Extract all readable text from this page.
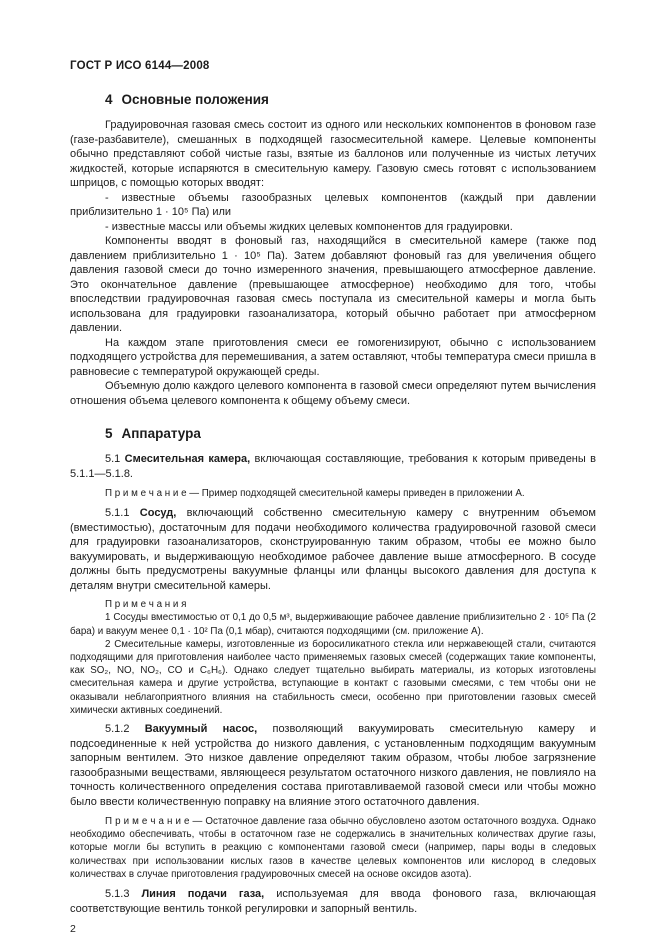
ГОСТ Р ИСО 6144—2008
4 Основные положения

Градуировочная газовая смесь состоит из одного или нескольких компонентов в фоновом газе (газе-разбавителе), смешанных в подходящей газосмесительной камере. Целевые компоненты обычно представляют собой чистые газы, взятые из баллонов или полученные из чистых летучих жидкостей, которые испаряются в смесительную камеру. Газовую смесь готовят с использованием шприцов, с помощью которых вводят:

- известные объемы газообразных целевых компонентов (каждый при давлении приблизительно 1 · 10⁵ Па) или

- известные массы или объемы жидких целевых компонентов для градуировки.

Компоненты вводят в фоновый газ, находящийся в смесительной камере (также под давлением приблизительно 1 · 10⁵ Па). Затем добавляют фоновый газ для увеличения общего давления газовой смеси до точно измеренного значения, превышающего атмосферное давление. Это окончательное давление (превышающее атмосферное) необходимо для того, чтобы впоследствии градуировочная газовая смесь поступала из смесительной камеры и могла быть использована для градуировки газоанализатора, который обычно работает при атмосферном давлении.

На каждом этапе приготовления смеси ее гомогенизируют, обычно с использованием подходящего устройства для перемешивания, а затем оставляют, чтобы температура смеси пришла в равновесие с температурой окружающей среды.

Объемную долю каждого целевого компонента в газовой смеси определяют путем вычисления отношения объема целевого компонента к общему объему смеси.

5 Аппаратура

5.1 Смесительная камера, включающая составляющие, требования к которым приведены в 5.1.1—5.1.8.

П р и м е ч а н и е — Пример подходящей смесительной камеры приведен в приложении А.

5.1.1 Сосуд, включающий собственно смесительную камеру с внутренним объемом (вместимостью), достаточным для подачи необходимого количества градуировочной газовой смеси для градуировки газоанализаторов, сконструированную таким образом, чтобы ее можно было вакуумировать, и выдерживающую необходимое рабочее давление выше атмосферного. В сосуде должны быть предусмотрены вакуумные фланцы или фланцы высокого давления для доступа к деталям внутри смесительной камеры.

П р и м е ч а н и я

1 Сосуды вместимостью от 0,1 до 0,5 м³, выдерживающие рабочее давление приблизительно 2 · 10⁵ Па (2 бара) и вакуум менее 0,1 · 10² Па (0,1 мбар), считаются подходящими (см. приложение А).

2 Смесительные камеры, изготовленные из боросиликатного стекла или нержавеющей стали, считаются подходящими для приготовления наиболее часто применяемых газовых смесей (содержащих такие компоненты, как SO₂, NO, NO₂, CO и C₆H₆). Однако следует тщательно выбирать материалы, из которых изготовлены смесительная камера и другие устройства, вступающие в контакт с газовыми смесями, с тем чтобы они не оказывали неблагоприятного влияния на стабильность смеси, особенно при приготовлении газовых смесей химически активных соединений.

5.1.2 Вакуумный насос, позволяющий вакуумировать смесительную камеру и подсоединенные к ней устройства до низкого давления, с установленным подходящим вакуумным запорным вентилем. Это низкое давление определяют таким образом, чтобы любое загрязнение газообразными веществами, являющееся результатом остаточного низкого давления, не повлияло на точность количественного определения состава приготавливаемой газовой смеси или чтобы можно было ввести количественную поправку на влияние этого остаточного давления.

П р и м е ч а н и е — Остаточное давление газа обычно обусловлено азотом остаточного воздуха. Однако необходимо обеспечивать, чтобы в остаточном газе не содержались в значительных количествах другие газы, которые могли бы вступить в реакцию с компонентами газовой смеси (например, пары воды в следовых количествах при использовании кислых газов в качестве целевых компонентов или кислород в следовых количествах в случае приготовления градуировочных смесей на основе оксидов азота).

5.1.3 Линия подачи газа, используемая для ввода фонового газа, включающая соответствующие вентиль тонкой регулировки и запорный вентиль.

2
